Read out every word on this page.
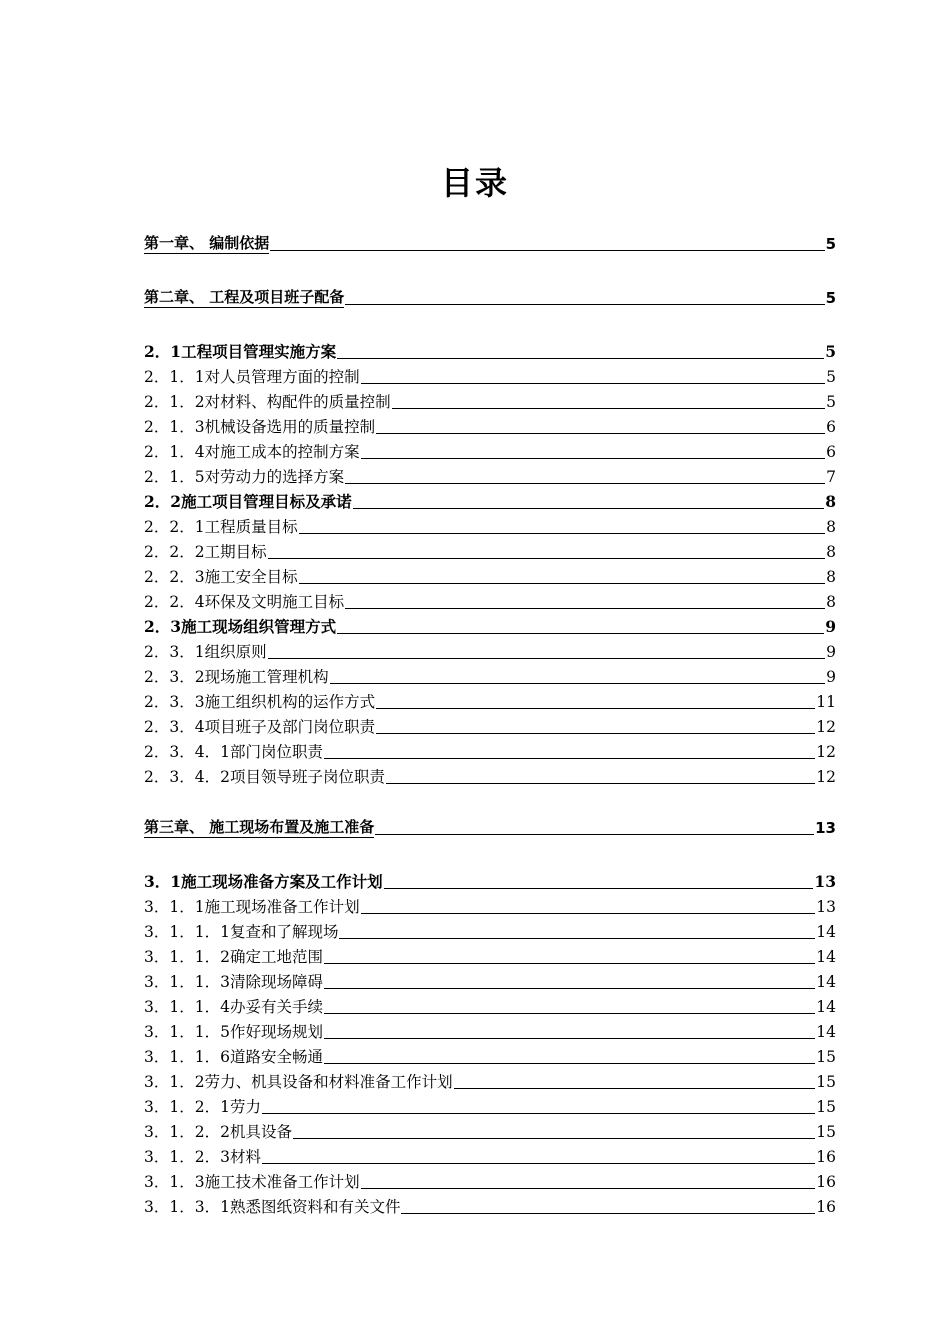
目录
第一章、 编制依据	5
第二章、 工程及项目班子配备	5
2．1工程项目管理实施方案	5
2．1．1对人员管理方面的控制	5
2．1．2对材料、构配件的质量控制	5
2．1．3机械设备选用的质量控制	6
2．1．4对施工成本的控制方案	6
2．1．5对劳动力的选择方案	7
2．2施工项目管理目标及承诺	8
2．2．1工程质量目标	8
2．2．2工期目标	8
2．2．3施工安全目标	8
2．2．4环保及文明施工目标	8
2．3施工现场组织管理方式	9
2．3．1组织原则	9
2．3．2现场施工管理机构	9
2．3．3施工组织机构的运作方式	11
2．3．4项目班子及部门岗位职责	12
2．3．4．1部门岗位职责	12
2．3．4．2项目领导班子岗位职责	12
第三章、 施工现场布置及施工准备	13
3．1施工现场准备方案及工作计划	13
3．1．1施工现场准备工作计划	13
3．1．1．1复查和了解现场	14
3．1．1．2确定工地范围	14
3．1．1．3清除现场障碍	14
3．1．1．4办妥有关手续	14
3．1．1．5作好现场规划	14
3．1．1．6道路安全畅通	15
3．1．2劳力、机具设备和材料准备工作计划	15
3．1．2．1劳力	15
3．1．2．2机具设备	15
3．1．2．3材料	16
3．1．3施工技术准备工作计划	16
3．1．3．1熟悉图纸资料和有关文件	16
